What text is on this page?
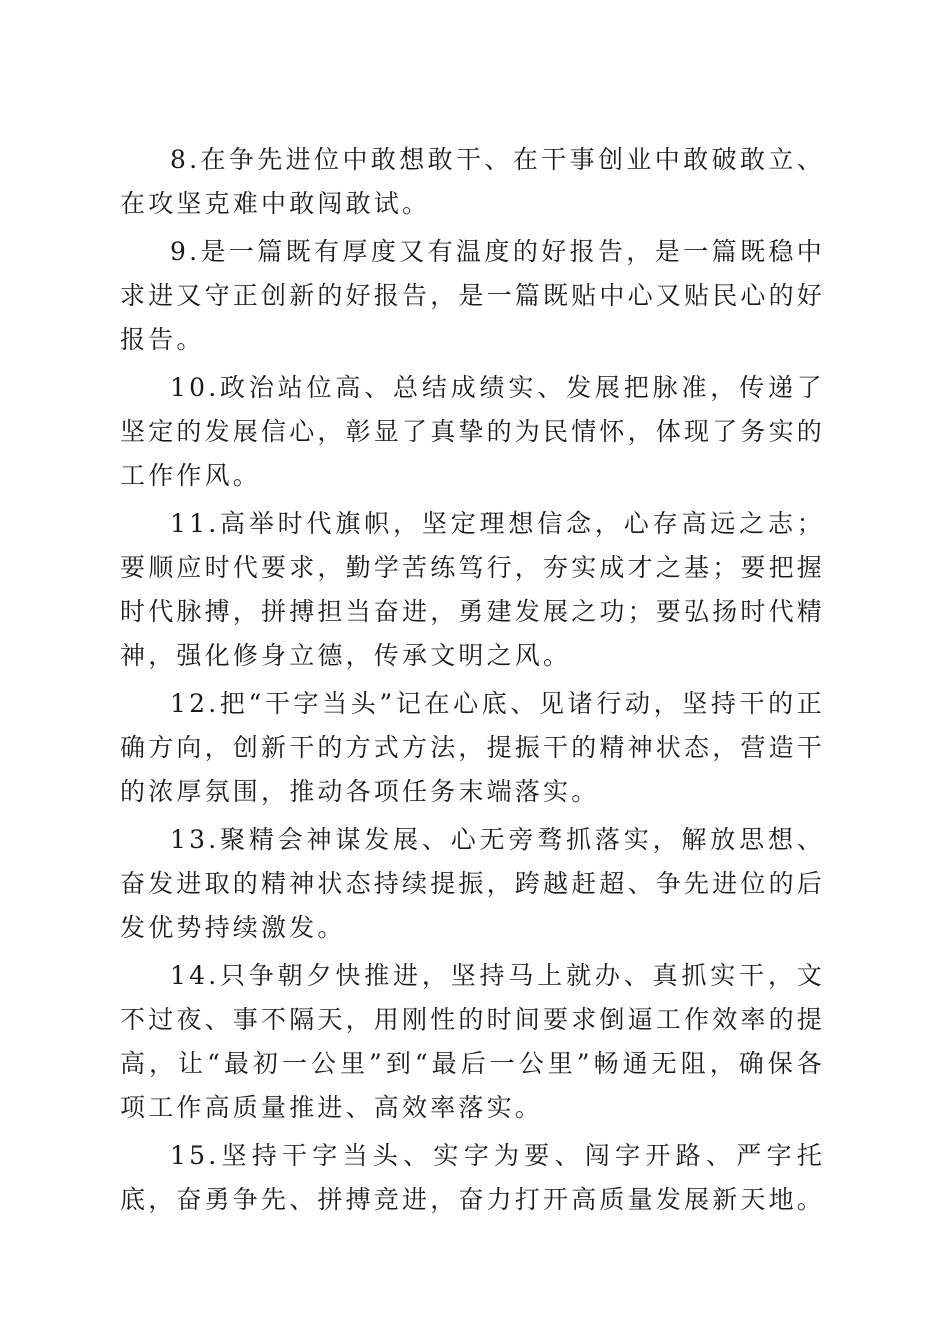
8.在争先进位中敢想敢干、在干事创业中敢破敢立、在攻坚克难中敢闯敢试。

9.是一篇既有厚度又有温度的好报告，是一篇既稳中求进又守正创新的好报告，是一篇既贴中心又贴民心的好报告。

10.政治站位高、总结成绩实、发展把脉准，传递了坚定的发展信心，彰显了真挚的为民情怀，体现了务实的工作作风。

11.高举时代旗帜，坚定理想信念，心存高远之志；要顺应时代要求，勤学苦练笃行，夯实成才之基；要把握时代脉搏，拼搏担当奋进，勇建发展之功；要弘扬时代精神，强化修身立德，传承文明之风。

12.把“干字当头”记在心底、见诸行动，坚持干的正确方向，创新干的方式方法，提振干的精神状态，营造干的浓厚氛围，推动各项任务末端落实。

13.聚精会神谋发展、心无旁骛抓落实，解放思想、奋发进取的精神状态持续提振，跨越赶超、争先进位的后发优势持续激发。

14.只争朝夕快推进，坚持马上就办、真抓实干，文不过夜、事不隔天，用刚性的时间要求倒逼工作效率的提高，让“最初一公里”到“最后一公里”畅通无阻，确保各项工作高质量推进、高效率落实。

15.坚持干字当头、实字为要、闯字开路、严字托底，奋勇争先、拼搏竞进，奋力打开高质量发展新天地。
